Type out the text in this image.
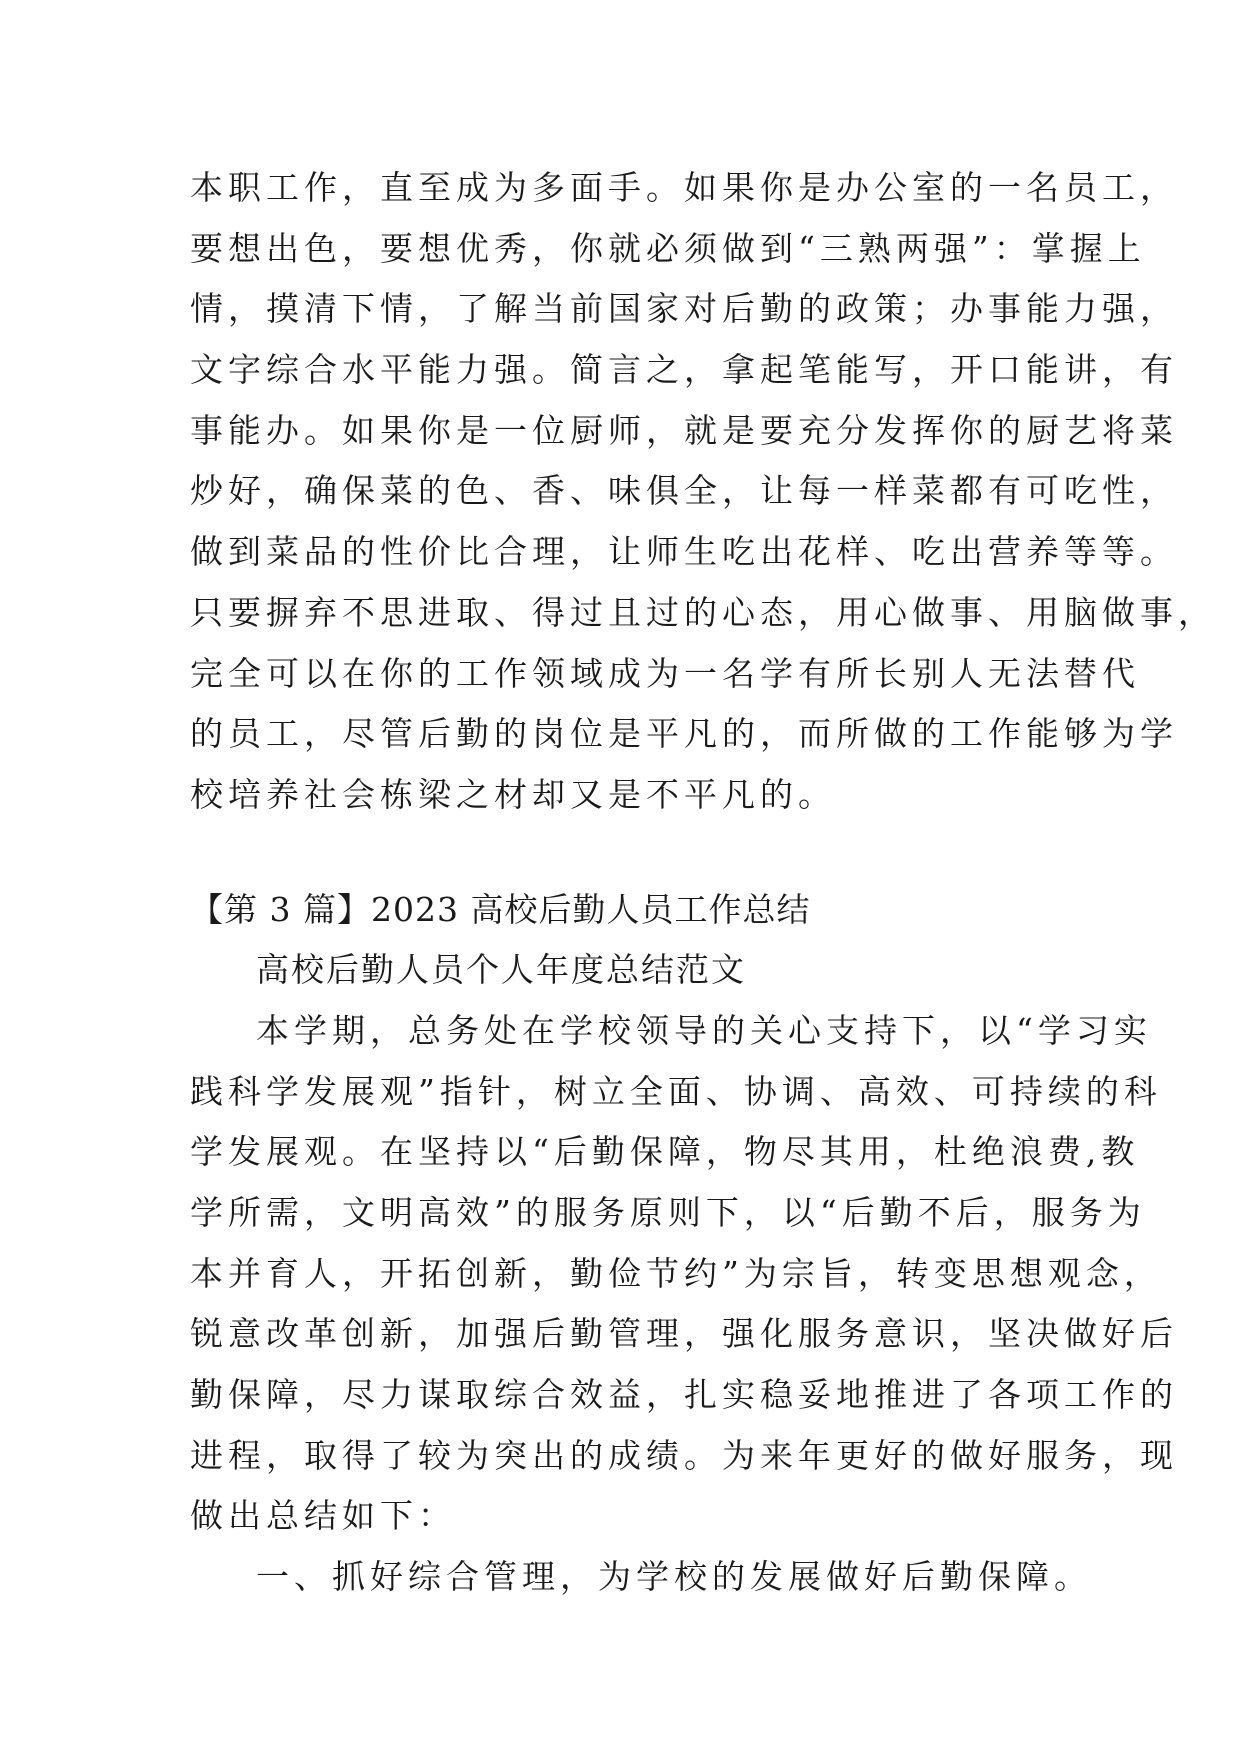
本职工作，直至成为多面手。如果你是办公室的一名员工，
要想出色，要想优秀，你就必须做到“三熟两强”：掌握上
情，摸清下情，了解当前国家对后勤的政策；办事能力强，
文字综合水平能力强。简言之，拿起笔能写，开口能讲，有
事能办。如果你是一位厨师，就是要充分发挥你的厨艺将菜
炒好，确保菜的色、香、味俱全，让每一样菜都有可吃性，
做到菜品的性价比合理，让师生吃出花样、吃出营养等等。
只要摒弃不思进取、得过且过的心态，用心做事、用脑做事，
完全可以在你的工作领域成为一名学有所长别人无法替代
的员工，尽管后勤的岗位是平凡的，而所做的工作能够为学
校培养社会栋梁之材却又是不平凡的。
【第 3 篇】2023 高校后勤人员工作总结
高校后勤人员个人年度总结范文
本学期，总务处在学校领导的关心支持下，以“学习实
践科学发展观”指针，树立全面、协调、高效、可持续的科
学发展观。在坚持以“后勤保障，物尽其用，杜绝浪费,教
学所需，文明高效”的服务原则下，以“后勤不后，服务为
本并育人，开拓创新，勤俭节约”为宗旨，转变思想观念，
锐意改革创新，加强后勤管理，强化服务意识，坚决做好后
勤保障，尽力谋取综合效益，扎实稳妥地推进了各项工作的
进程，取得了较为突出的成绩。为来年更好的做好服务，现
做出总结如下：
一、抓好综合管理，为学校的发展做好后勤保障。
